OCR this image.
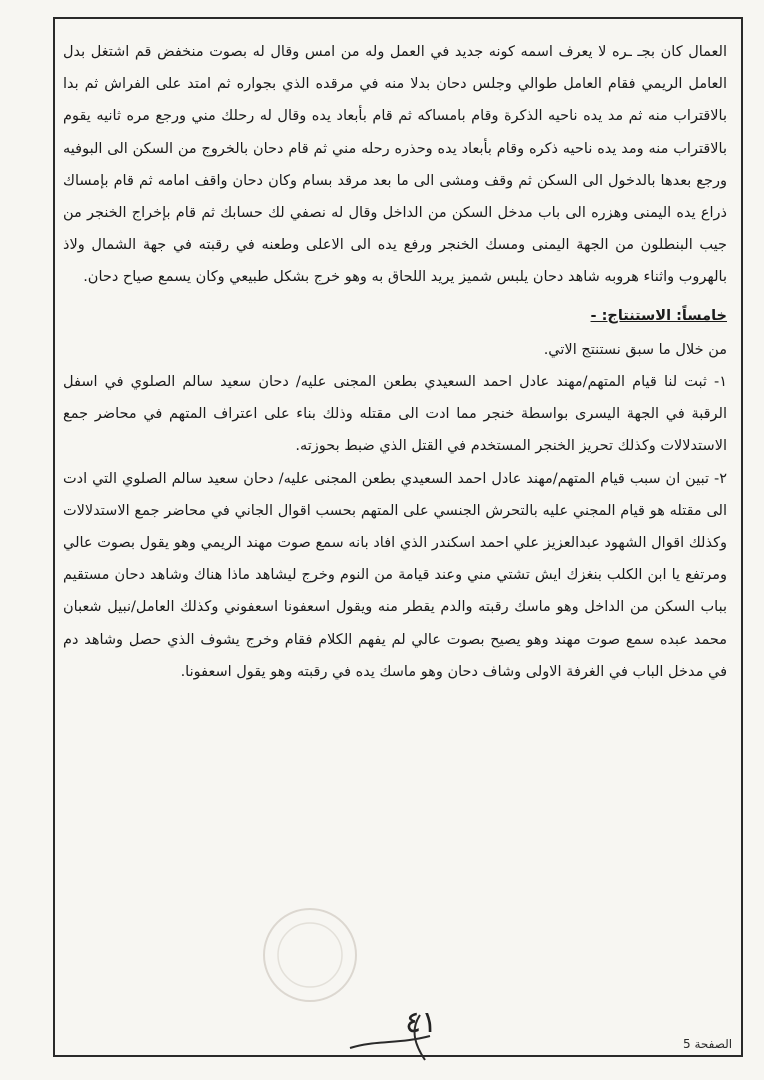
العمال كان بجـ ـره لا يعرف اسمه كونه جديد في العمل وله من امس وقال له بصوت منخفض قم اشتغل بدل العامل الريمي فقام العامل طوالي وجلس دحان بدلا منه في مرقده الذي بجواره ثم امتد على الفراش ثم بدا بالاقتراب منه ثم مد يده ناحيه الذكرة وقام بامساكه ثم قام بأبعاد يده وقال له رحلك مني ورجع مره ثانيه يقوم بالاقتراب منه ومد يده ناحيه ذكره وقام بأبعاد يده وحذره رحله مني ثم قام دحان بالخروج من السكن الى البوفيه ورجع بعدها بالدخول الى السكن ثم وقف ومشى الى ما بعد مرقد بسام وكان دحان واقف امامه ثم قام بإمساك ذراع يده اليمنى وهزره الى باب مدخل السكن من الداخل وقال له نصفي لك حسابك ثم قام بإخراج الخنجر من جيب البنطلون من الجهة اليمنى ومسك الخنجر ورفع يده الى الاعلى وطعنه في رقبته في جهة الشمال ولاذ بالهروب واثناء هروبه شاهد دحان يلبس شميز يريد اللحاق به وهو خرج بشكل طبيعي وكان يسمع صياح دحان.

خامساً: الاستنتاج: -

من خلال ما سبق نستنتج الاتي.

١- ثبت لنا قيام المتهم/مهند عادل احمد السعيدي بطعن المجنى عليه/ دحان سعيد سالم الصلوي في اسفل الرقبة في الجهة اليسرى بواسطة خنجر مما ادت الى مقتله وذلك بناء على اعتراف المتهم في محاضر جمع الاستدلالات وكذلك تحريز الخنجر المستخدم في القتل الذي ضبط بحوزته.

٢- تبين ان سبب قيام المتهم/مهند عادل احمد السعيدي بطعن المجنى عليه/ دحان سعيد سالم الصلوي التي ادت الى مقتله هو قيام المجني عليه بالتحرش الجنسي على المتهم بحسب اقوال الجاني في محاضر جمع الاستدلالات وكذلك اقوال الشهود عبدالعزيز علي احمد اسكندر الذي افاد بانه سمع صوت مهند الريمي وهو يقول بصوت عالي ومرتفع يا ابن الكلب بنغزك ايش تشتي مني وعند قيامة من النوم وخرج ليشاهد ماذا هناك وشاهد دحان مستقيم بباب السكن من الداخل وهو ماسك رقبته والدم يقطر منه ويقول اسعفونا اسعفوني وكذلك العامل/نبيل شعبان محمد عبده سمع صوت مهند وهو يصيح بصوت عالي لم يفهم الكلام فقام وخرج يشوف الذي حصل وشاهد دم في مدخل الباب في الغرفة الاولى وشاف دحان وهو ماسك يده في رقبته وهو يقول اسعفونا.

٤١
الصفحة 5
